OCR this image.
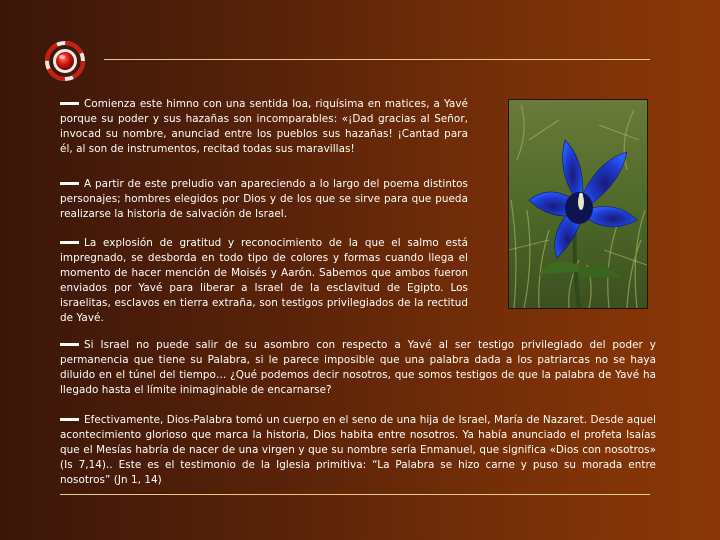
Comienza este himno con una sentida loa, riquísima en matices, a Yavé porque su poder y sus hazañas son incomparables: «¡Dad gracias al Señor, invocad su nombre, anunciad entre los pueblos sus hazañas! ¡Cantad para él, al son de instrumentos, recitad todas sus maravillas!

A partir de este preludio van apareciendo a lo largo del poema distintos personajes; hombres elegidos por Dios y de los que se sirve para que pueda realizarse la historia de salvación de Israel.

La explosión de gratitud y reconocimiento de la que el salmo está impregnado, se desborda en todo tipo de colores y formas cuando llega el momento de hacer mención de Moisés y Aarón. Sabemos que ambos fueron enviados por Yavé para liberar a Israel de la esclavitud de Egipto. Los israelitas, esclavos en tierra extraña, son testigos privilegiados de la rectitud de Yavé.

Si Israel no puede salir de su asombro con respecto a Yavé al ser testigo privilegiado del poder y permanencia que tiene su Palabra, si le parece imposible que una palabra dada a los patriarcas no se haya diluido en el túnel del tiempo… ¿Qué podemos decir nosotros, que somos testigos de que la palabra de Yavé ha llegado hasta el límite inimaginable de encarnarse?

Efectivamente, Dios-Palabra tomó un cuerpo en el seno de una hija de Israel, María de Nazaret. Desde aquel acontecimiento glorioso que marca la historia, Dios habita entre nosotros. Ya había anunciado el profeta Isaías que el Mesías habría de nacer de una virgen y que su nombre sería Enmanuel, que significa «Dios con nosotros» (Is 7,14).. Este es el testimonio de la Iglesia primitiva: “La Palabra se hizo carne y puso su morada entre nosotros” (Jn 1, 14)
